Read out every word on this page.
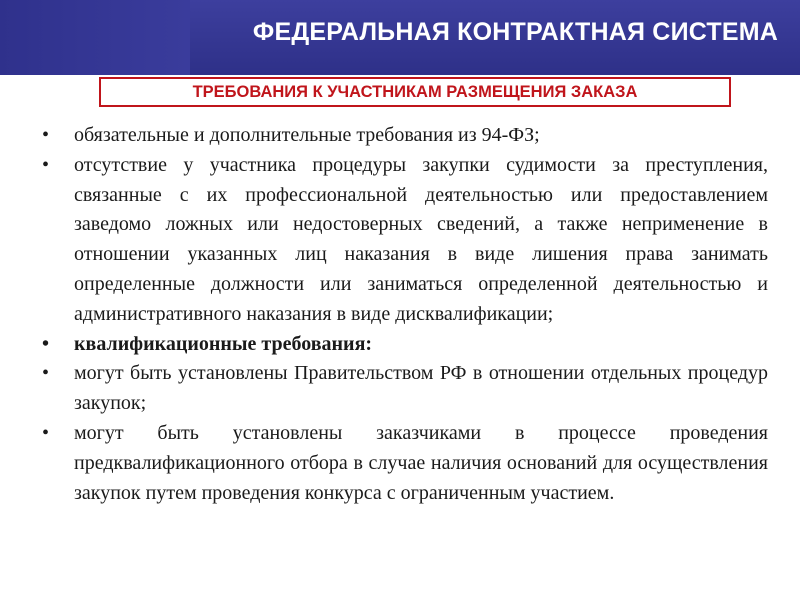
ФЕДЕРАЛЬНАЯ КОНТРАКТНАЯ СИСТЕМА
ТРЕБОВАНИЯ К УЧАСТНИКАМ РАЗМЕЩЕНИЯ ЗАКАЗА
•	обязательные и дополнительные требования из 94-ФЗ;
•	отсутствие у участника процедуры закупки судимости за преступления, связанные с их профессиональной деятельностью или предоставлением заведомо ложных или недостоверных сведений, а также неприменение в отношении указанных лиц наказания в виде лишения права занимать определенные должности или заниматься определенной деятельностью и административного наказания в виде дисквалификации;
•	квалификационные требования:
•	могут быть установлены Правительством РФ в отношении отдельных процедур закупок;
•	могут быть установлены заказчиками в процессе проведения предквалификационного отбора в случае наличия оснований для осуществления закупок путем проведения конкурса с ограниченным участием.
